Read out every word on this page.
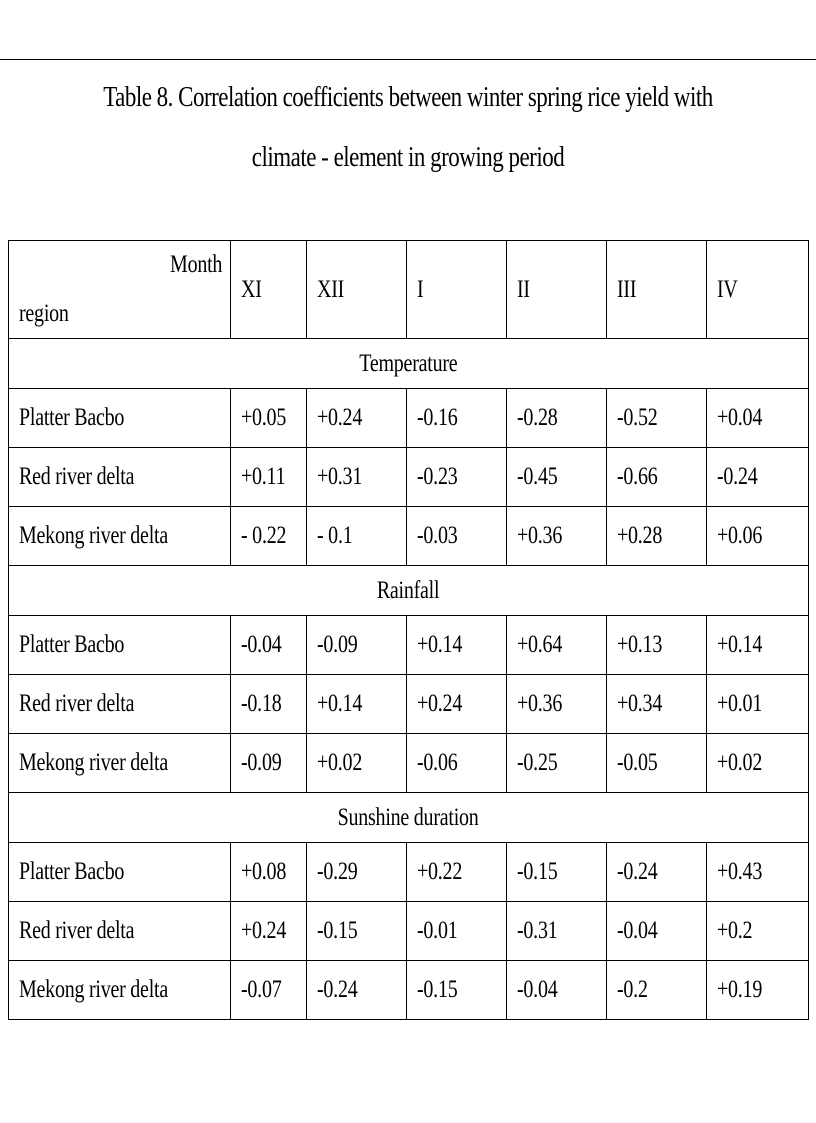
Table 8. Correlation coefficients between winter spring rice yield with
climate - element in growing period
Month
region	XI	XII	I	II	III	IV
Temperature						
Platter Bacbo	+0.05	+0.24	-0.16	-0.28	-0.52	+0.04
Red river delta	+0.11	+0.31	-0.23	-0.45	-0.66	-0.24
Mekong river delta	- 0.22	- 0.1	-0.03	+0.36	+0.28	+0.06
Rainfall						
Platter Bacbo	-0.04	-0.09	+0.14	+0.64	+0.13	+0.14
Red river delta	-0.18	+0.14	+0.24	+0.36	+0.34	+0.01
Mekong river delta	-0.09	+0.02	-0.06	-0.25	-0.05	+0.02
Sunshine duration						
Platter Bacbo	+0.08	-0.29	+0.22	-0.15	-0.24	+0.43
Red river delta	+0.24	-0.15	-0.01	-0.31	-0.04	+0.2
Mekong river delta	-0.07	-0.24	-0.15	-0.04	-0.2	+0.19
